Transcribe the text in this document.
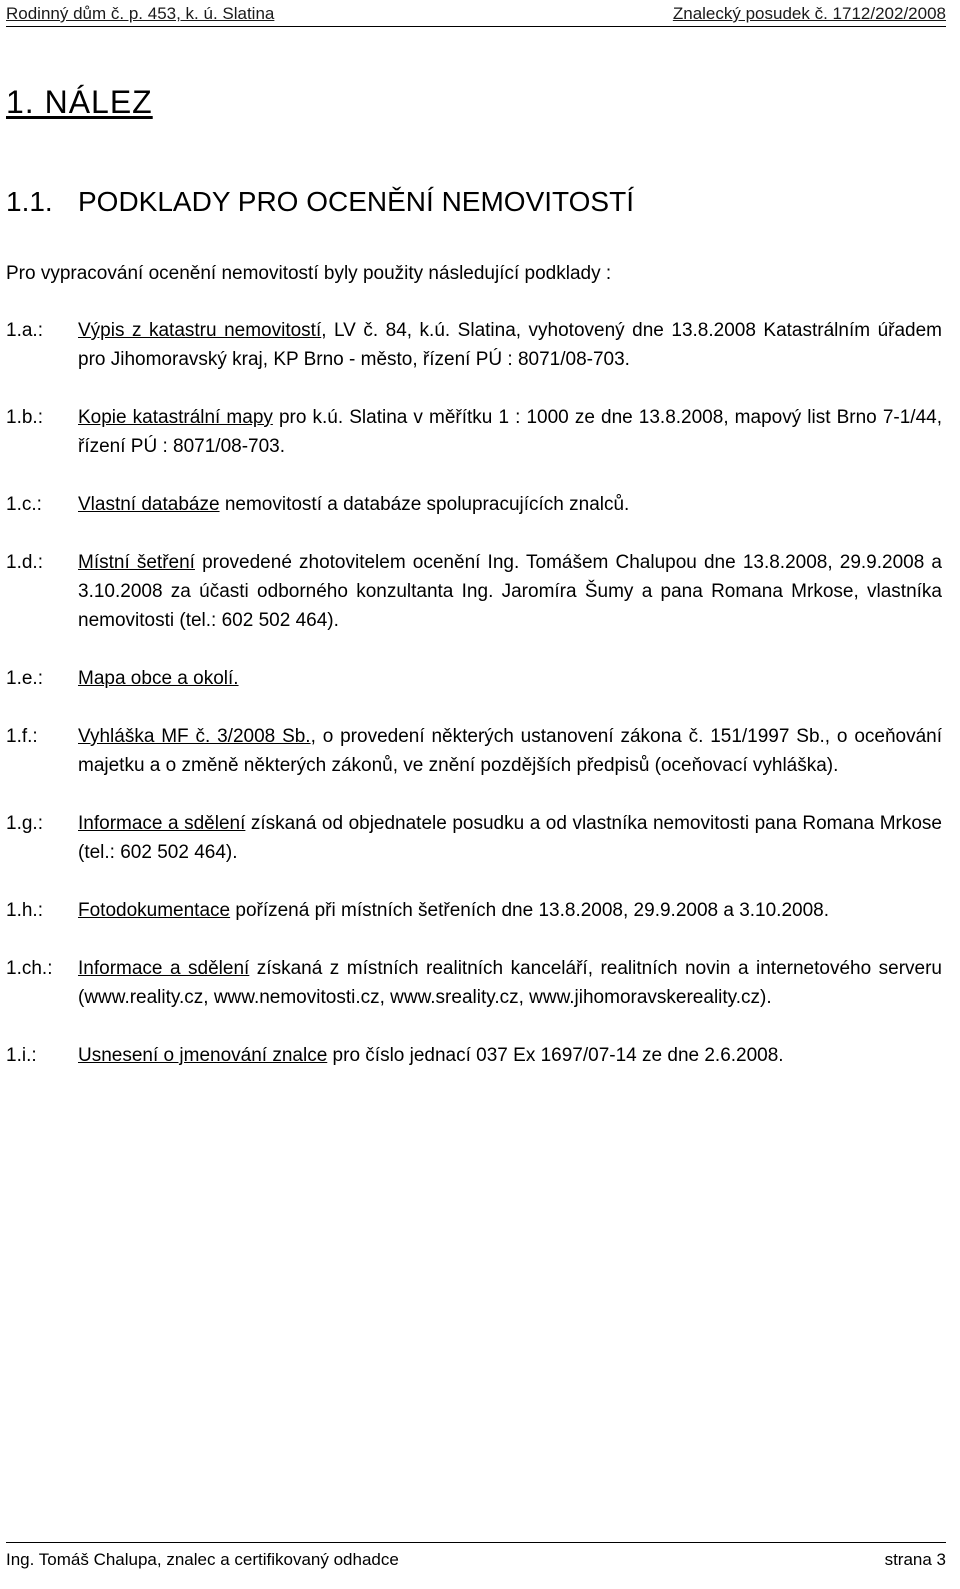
Rodinný dům č. p. 453, k. ú. Slatina	Znalecký posudek č. 1712/202/2008
1. NÁLEZ
1.1. PODKLADY PRO OCENĚNÍ NEMOVITOSTÍ
Pro vypracování ocenění nemovitostí byly použity následující podklady :
1.a.:	Výpis z katastru nemovitostí, LV č. 84, k.ú. Slatina, vyhotovený dne 13.8.2008 Katastrálním úřadem pro Jihomoravský kraj, KP Brno - město, řízení PÚ : 8071/08-703.
1.b.:	Kopie katastrální mapy pro k.ú. Slatina v měřítku 1 : 1000 ze dne 13.8.2008, mapový list Brno 7-1/44, řízení PÚ : 8071/08-703.
1.c.:	Vlastní databáze nemovitostí a databáze spolupracujících znalců.
1.d.:	Místní šetření provedené zhotovitelem ocenění Ing. Tomášem Chalupou dne 13.8.2008, 29.9.2008 a 3.10.2008 za účasti odborného konzultanta Ing. Jaromíra Šumy a pana Romana Mrkose, vlastníka nemovitosti (tel.: 602 502 464).
1.e.:	Mapa obce a okolí.
1.f.:	Vyhláška MF č. 3/2008 Sb., o provedení některých ustanovení zákona č. 151/1997 Sb., o oceňování majetku a o změně některých zákonů, ve znění pozdějších předpisů (oceňovací vyhláška).
1.g.:	Informace a sdělení získaná od objednatele posudku a od vlastníka nemovitosti pana Romana Mrkose (tel.: 602 502 464).
1.h.:	Fotodokumentace pořízená při místních šetřeních dne 13.8.2008, 29.9.2008 a 3.10.2008.
1.ch.:	Informace a sdělení získaná z místních realitních kanceláří, realitních novin a internetového serveru (www.reality.cz, www.nemovitosti.cz, www.sreality.cz, www.jihomoravskereality.cz).
1.i.:	Usnesení o jmenování znalce pro číslo jednací 037 Ex 1697/07-14 ze dne 2.6.2008.
Ing. Tomáš Chalupa, znalec a certifikovaný odhadce	strana 3
